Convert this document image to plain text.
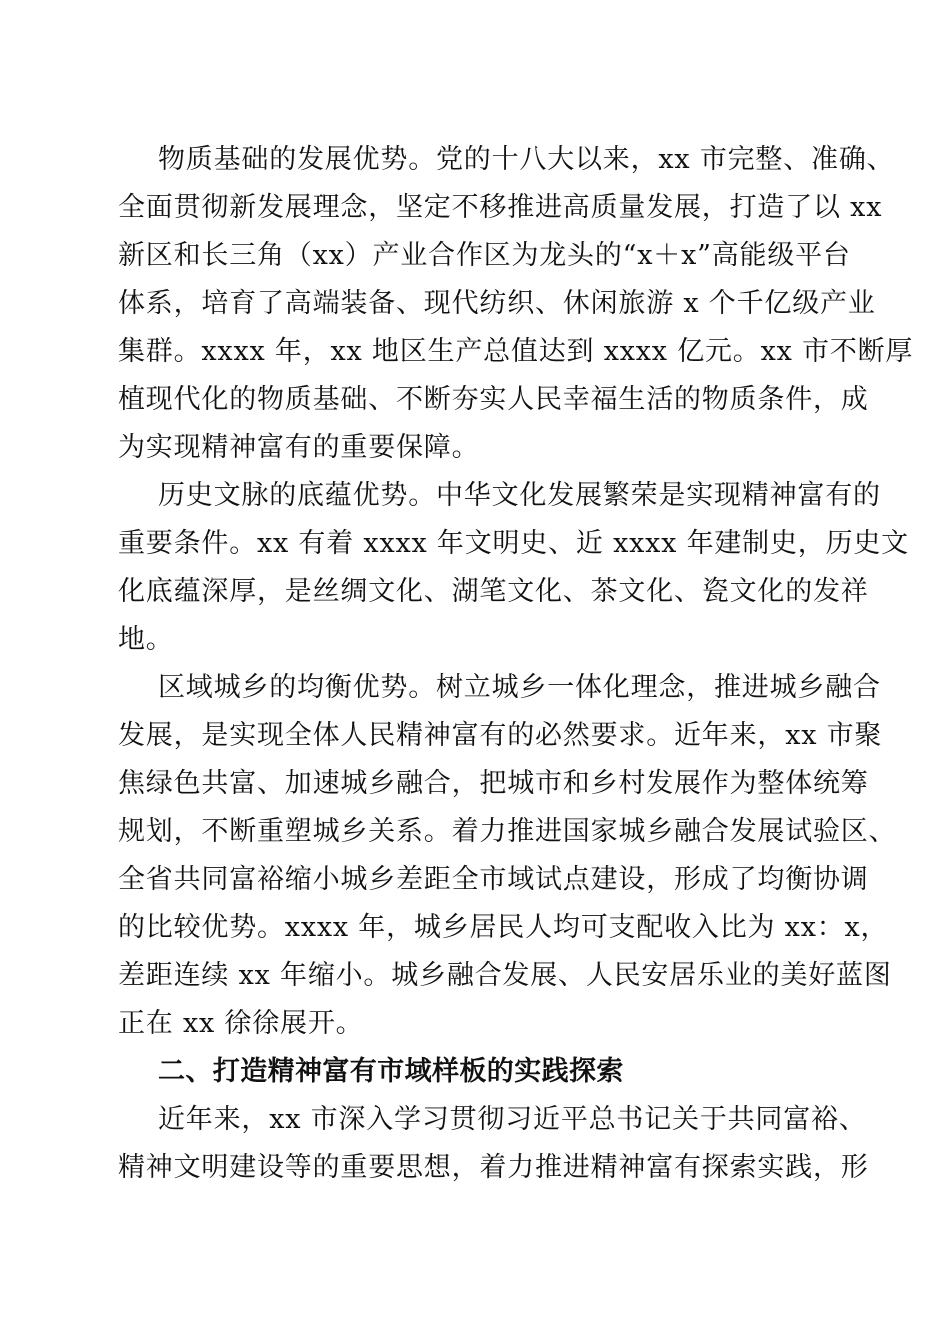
物质基础的发展优势。党的十八大以来，xx 市完整、准确、
全面贯彻新发展理念，坚定不移推进高质量发展，打造了以 xx
新区和长三角（xx）产业合作区为龙头的“x＋x”高能级平台
体系，培育了高端装备、现代纺织、休闲旅游 x 个千亿级产业
集群。xxxx 年，xx 地区生产总值达到 xxxx 亿元。xx 市不断厚
植现代化的物质基础、不断夯实人民幸福生活的物质条件，成
为实现精神富有的重要保障。
历史文脉的底蕴优势。中华文化发展繁荣是实现精神富有的
重要条件。xx 有着 xxxx 年文明史、近 xxxx 年建制史，历史文
化底蕴深厚，是丝绸文化、湖笔文化、茶文化、瓷文化的发祥
地。
区域城乡的均衡优势。树立城乡一体化理念，推进城乡融合
发展，是实现全体人民精神富有的必然要求。近年来，xx 市聚
焦绿色共富、加速城乡融合，把城市和乡村发展作为整体统筹
规划，不断重塑城乡关系。着力推进国家城乡融合发展试验区、
全省共同富裕缩小城乡差距全市域试点建设，形成了均衡协调
的比较优势。xxxx 年，城乡居民人均可支配收入比为 xx：x，
差距连续 xx 年缩小。城乡融合发展、人民安居乐业的美好蓝图
正在 xx 徐徐展开。
二、打造精神富有市域样板的实践探索
近年来，xx 市深入学习贯彻习近平总书记关于共同富裕、
精神文明建设等的重要思想，着力推进精神富有探索实践，形
